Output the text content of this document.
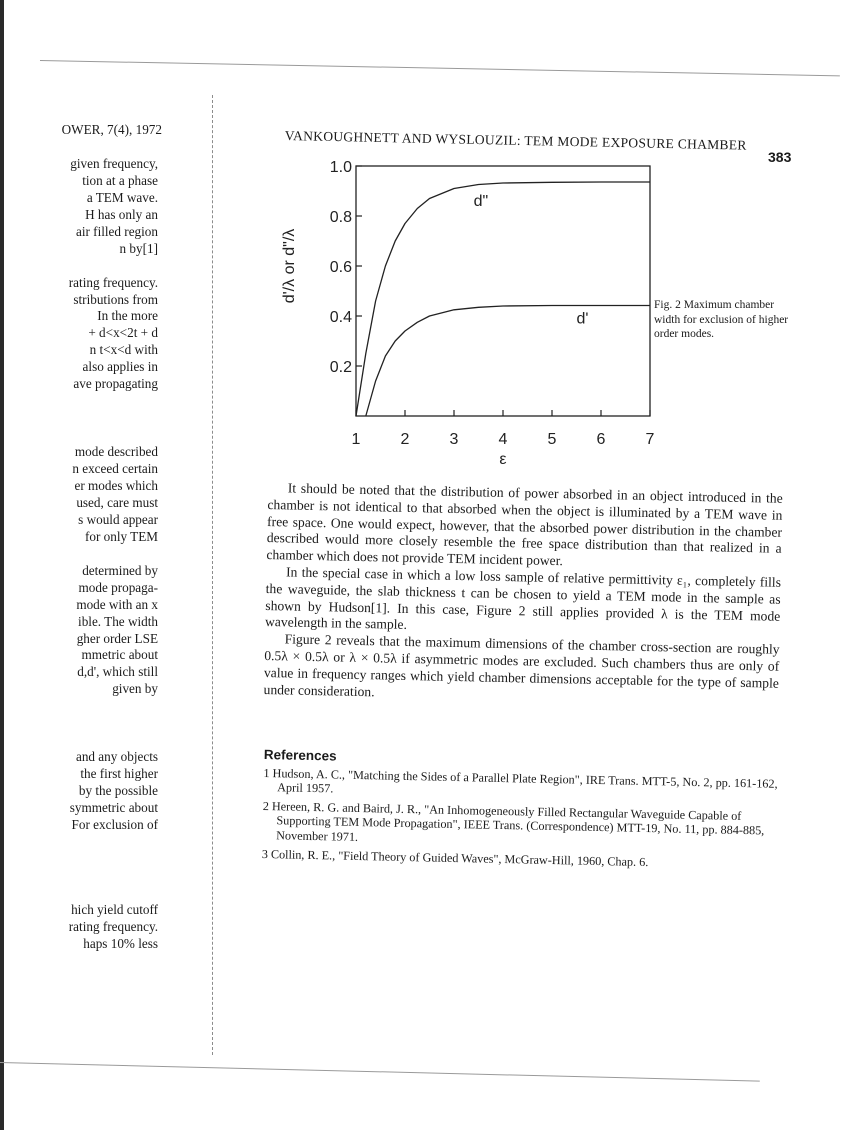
OWER, 7(4), 1972
given frequency,
tion at a phase
a TEM wave.
H has only an
air filled region
n by[1]
rating frequency.
stributions from
In the more
+ d<x<2t + d
n t<x<d with
also applies in
ave propagating
mode described
n exceed certain
er modes which
used, care must
s would appear
for only TEM
determined by
mode propaga-
mode with an x
ible. The width
gher order LSE
mmetric about
d,d', which still
given by
and any objects
the first higher
by the possible
symmetric about
For exclusion of
hich yield cutoff
rating frequency.
haps 10% less
VANKOUGHNETT AND WYSLOUZIL: TEM MODE EXPOSURE CHAMBER
383
0.2
0.4
0.6
0.8
1.0
1	2	3	4	5	6	7
ε
d'/λ or d"/λ
d"
d'
Fig. 2 Maximum chamber width for exclusion of higher order modes.

It should be noted that the distribution of power absorbed in an object introduced in the chamber is not identical to that absorbed when the object is illuminated by a TEM wave in free space. One would expect, however, that the absorbed power distribution in the chamber described would more closely resemble the free space distribution than that realized in a chamber which does not provide TEM incident power.

In the special case in which a low loss sample of relative permittivity ε₁, completely fills the waveguide, the slab thickness t can be chosen to yield a TEM mode in the sample as shown by Hudson[1]. In this case, Figure 2 still applies provided λ is the TEM mode wavelength in the sample.

Figure 2 reveals that the maximum dimensions of the chamber cross-section are roughly 0.5λ × 0.5λ or λ × 0.5λ if asymmetric modes are excluded. Such chambers thus are only of value in frequency ranges which yield chamber dimensions acceptable for the type of sample under consideration.

References
1 Hudson, A. C., "Matching the Sides of a Parallel Plate Region", IRE Trans. MTT-5, No. 2, pp. 161-162, April 1957.
2 Hereen, R. G. and Baird, J. R., "An Inhomogeneously Filled Rectangular Waveguide Capable of Supporting TEM Mode Propagation", IEEE Trans. (Correspondence) MTT-19, No. 11, pp. 884-885, November 1971.
3 Collin, R. E., "Field Theory of Guided Waves", McGraw-Hill, 1960, Chap. 6.
